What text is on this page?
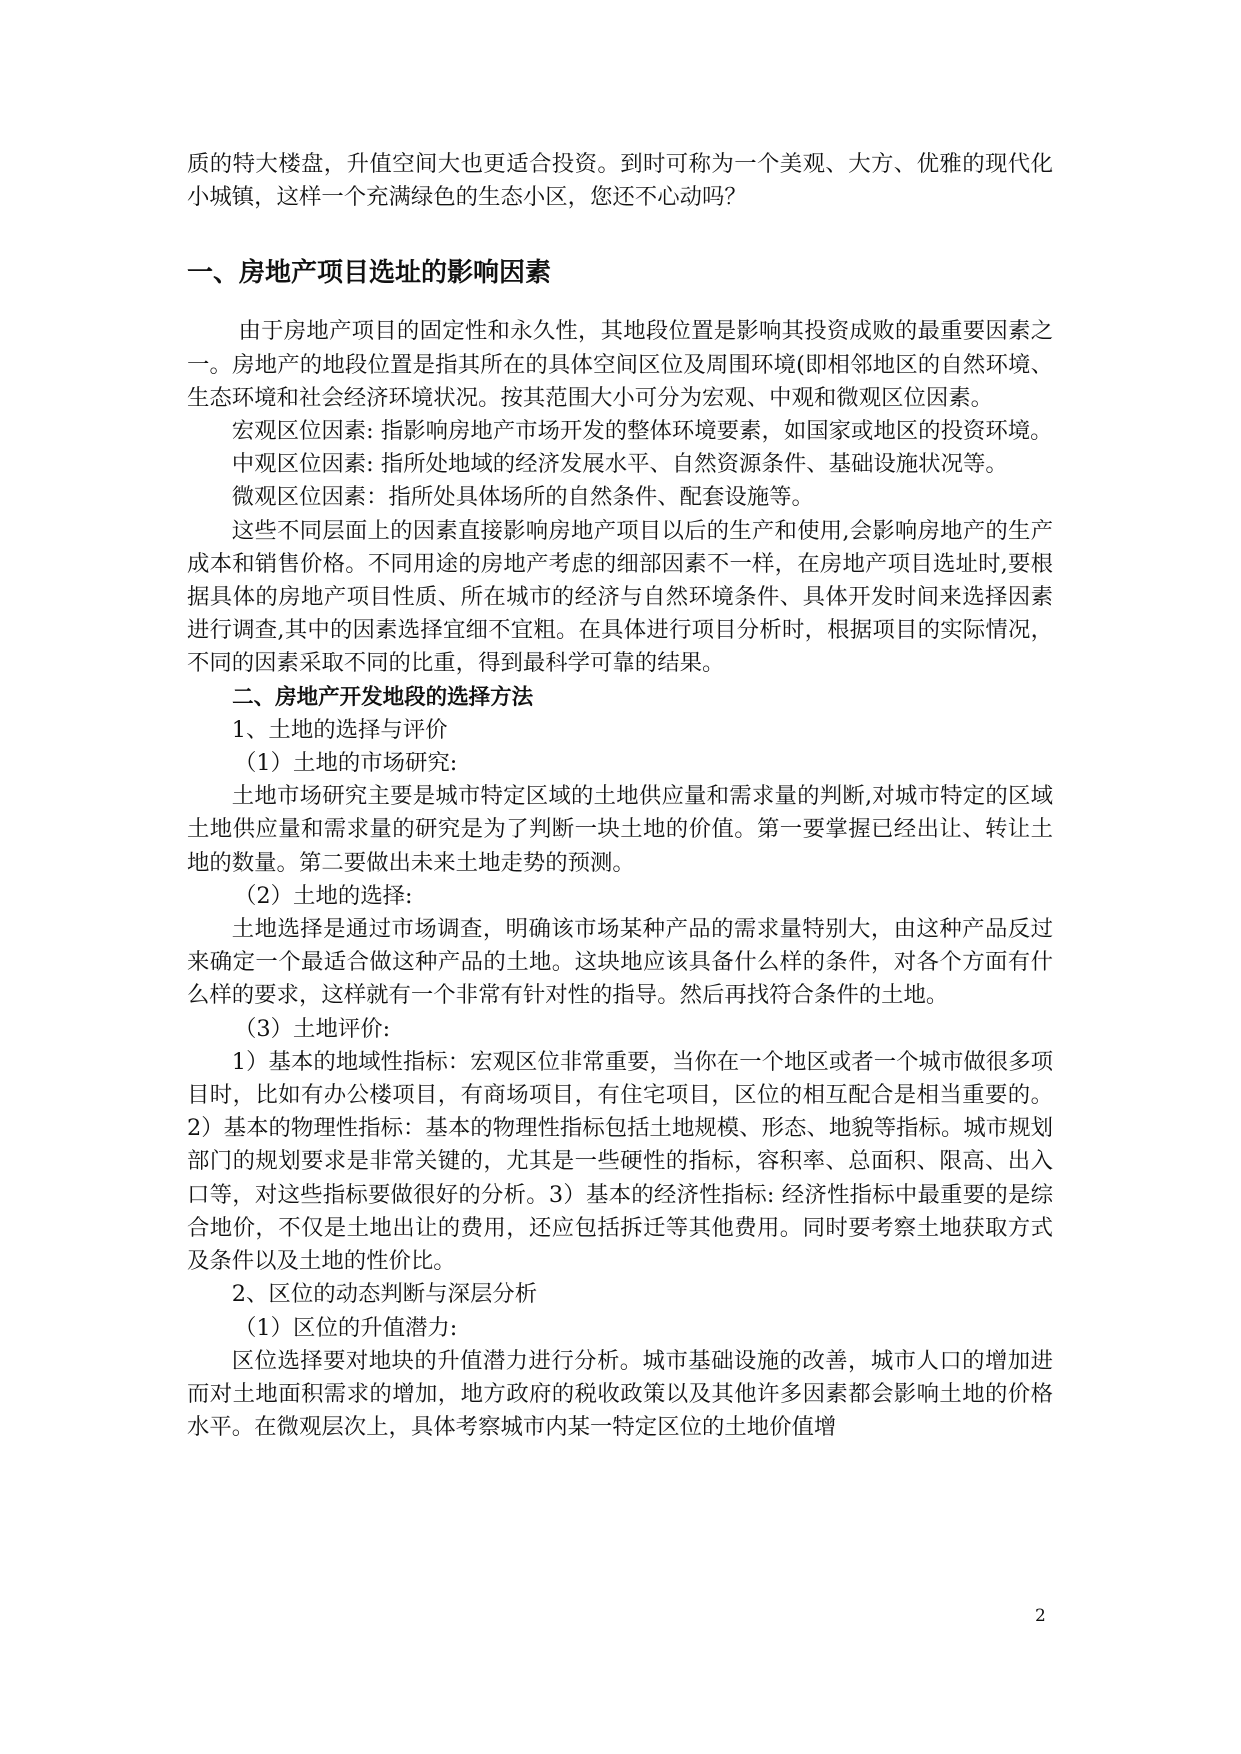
质的特大楼盘，升值空间大也更适合投资。到时可称为一个美观、大方、优雅的现代化小城镇，这样一个充满绿色的生态小区，您还不心动吗？

一、房地产项目选址的影响因素

由于房地产项目的固定性和永久性，其地段位置是影响其投资成败的最重要因素之一。房地产的地段位置是指其所在的具体空间区位及周围环境(即相邻地区的自然环境、生态环境和社会经济环境状况。按其范围大小可分为宏观、中观和微观区位因素。

宏观区位因素: 指影响房地产市场开发的整体环境要素，如国家或地区的投资环境。

中观区位因素: 指所处地域的经济发展水平、自然资源条件、基础设施状况等。

微观区位因素：指所处具体场所的自然条件、配套设施等。

这些不同层面上的因素直接影响房地产项目以后的生产和使用,会影响房地产的生产成本和销售价格。不同用途的房地产考虑的细部因素不一样，在房地产项目选址时,要根据具体的房地产项目性质、所在城市的经济与自然环境条件、具体开发时间来选择因素进行调查,其中的因素选择宜细不宜粗。在具体进行项目分析时，根据项目的实际情况，不同的因素采取不同的比重，得到最科学可靠的结果。

二、房地产开发地段的选择方法

1、土地的选择与评价

（1）土地的市场研究:

土地市场研究主要是城市特定区域的土地供应量和需求量的判断,对城市特定的区域土地供应量和需求量的研究是为了判断一块土地的价值。第一要掌握已经出让、转让土地的数量。第二要做出未来土地走势的预测。

（2）土地的选择:

土地选择是通过市场调查，明确该市场某种产品的需求量特别大，由这种产品反过来确定一个最适合做这种产品的土地。这块地应该具备什么样的条件，对各个方面有什么样的要求，这样就有一个非常有针对性的指导。然后再找符合条件的土地。

（3）土地评价:

1）基本的地域性指标：宏观区位非常重要，当你在一个地区或者一个城市做很多项目时，比如有办公楼项目，有商场项目，有住宅项目，区位的相互配合是相当重要的。2）基本的物理性指标：基本的物理性指标包括土地规模、形态、地貌等指标。城市规划部门的规划要求是非常关键的，尤其是一些硬性的指标，容积率、总面积、限高、出入口等，对这些指标要做很好的分析。3）基本的经济性指标: 经济性指标中最重要的是综合地价，不仅是土地出让的费用，还应包括拆迁等其他费用。同时要考察土地获取方式及条件以及土地的性价比。

2、区位的动态判断与深层分析

（1）区位的升值潜力:

区位选择要对地块的升值潜力进行分析。城市基础设施的改善，城市人口的增加进而对土地面积需求的增加，地方政府的税收政策以及其他许多因素都会影响土地的价格水平。在微观层次上，具体考察城市内某一特定区位的土地价值增

2
